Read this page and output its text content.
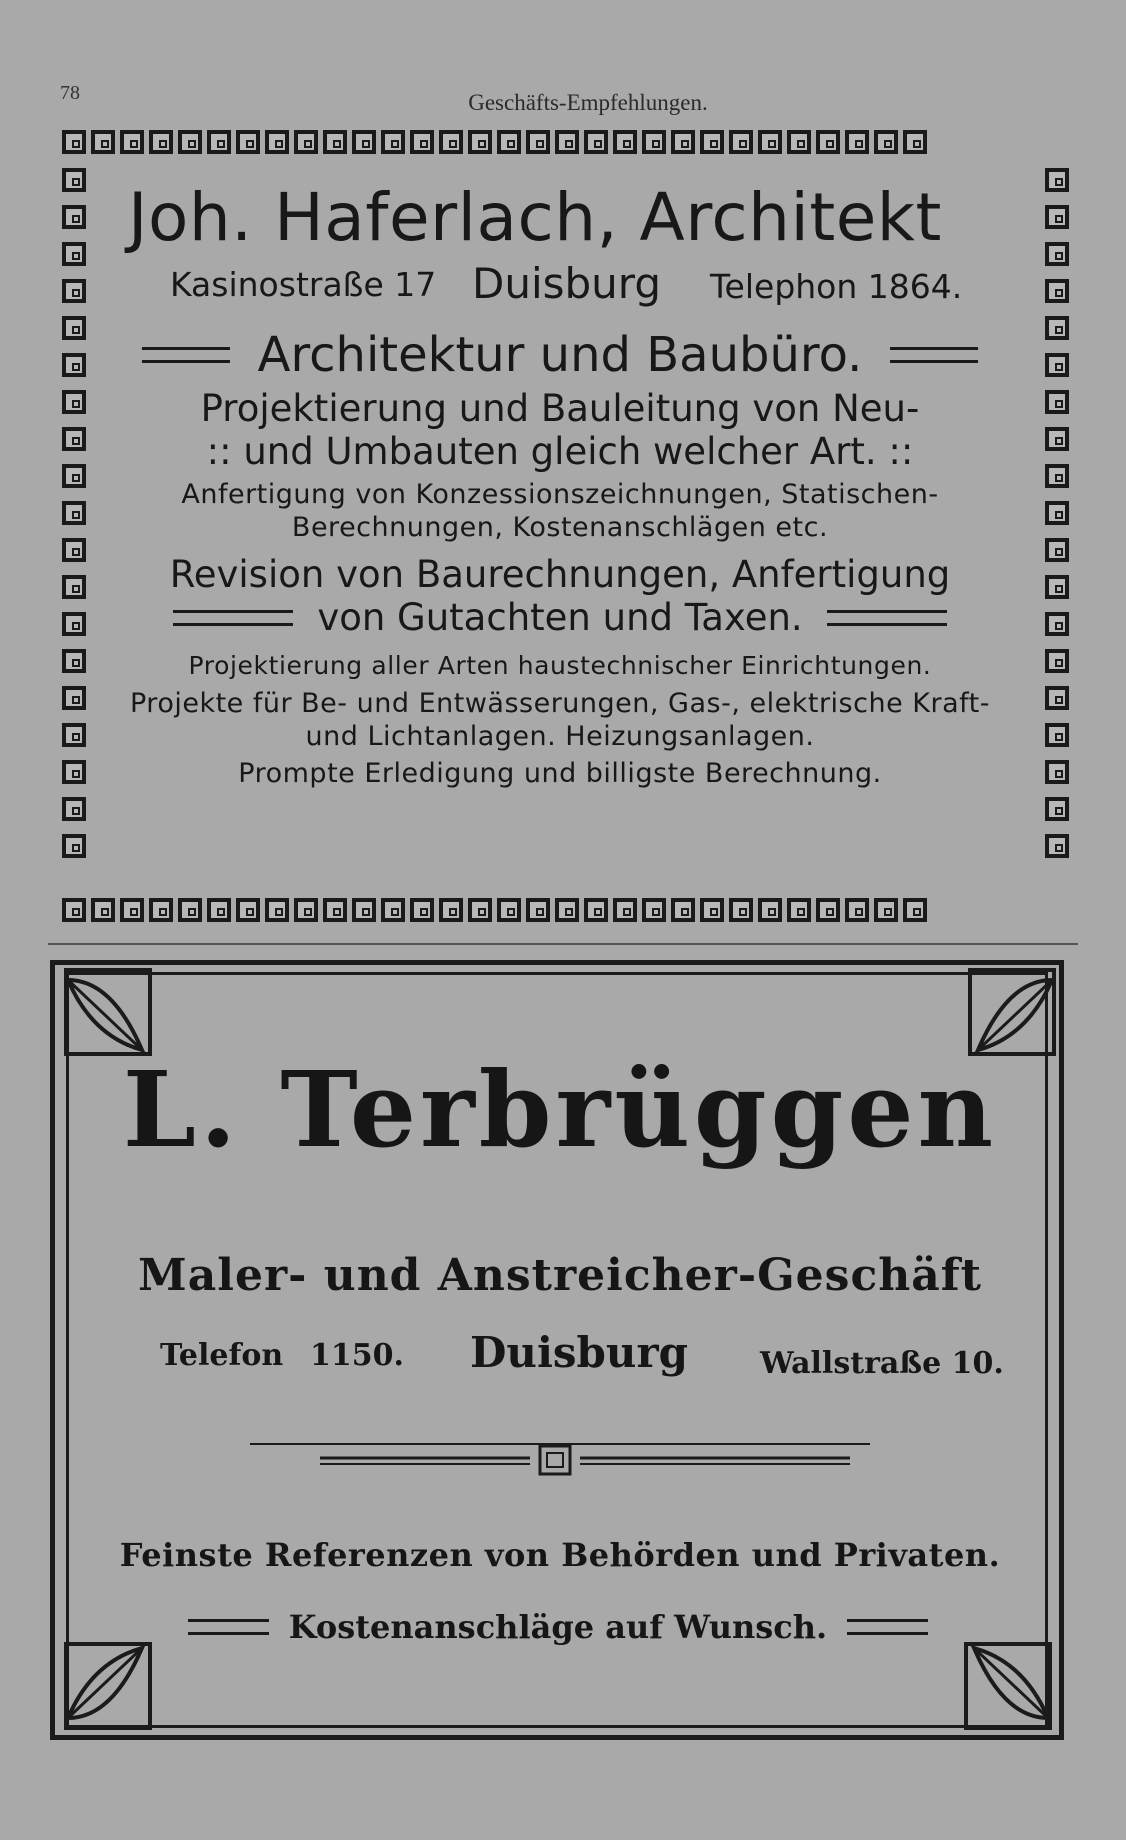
78	Geschäfts-Empfehlungen.
Joh. Haferlach, Architekt
Kasinostraße 17 Duisburg Telephon 1864.
Architektur und Baubüro.
Projektierung und Bauleitung von Neu-
:: und Umbauten gleich welcher Art. ::
Anfertigung von Konzessionszeichnungen, Statischen-
Berechnungen, Kostenanschlägen etc.
Revision von Baurechnungen, Anfertigung
von Gutachten und Taxen.
Projektierung aller Arten haustechnischer Einrichtungen.
Projekte für Be- und Entwässerungen, Gas-, elektrische Kraft-
und Lichtanlagen. Heizungsanlagen.
Prompte Erledigung und billigste Berechnung.
L. Terbrüggen
Maler- und Anstreicher-Geschäft
Telefon 1150. Duisburg Wallstraße 10.
Feinste Referenzen von Behörden und Privaten.
Kostenanschläge auf Wunsch.
